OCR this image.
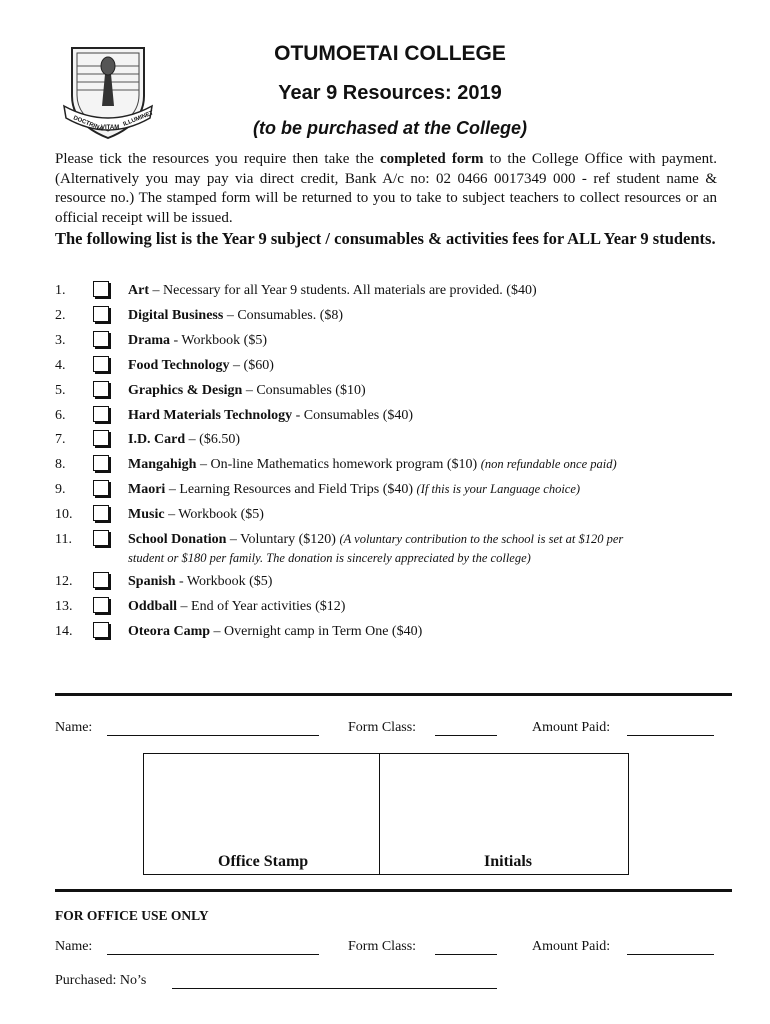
DOCTRINA
VITAM
ILLUMINET
OTUMOETAI COLLEGE
Year 9 Resources: 2019
(to be purchased at the College)
Please tick the resources you require then take the completed form to the College Office with payment. (Alternatively you may pay via direct credit, Bank A/c no: 02 0466 0017349 000 - ref student name & resource no.) The stamped form will be returned to you to take to subject teachers to collect resources or an official receipt will be issued.
The following list is the Year 9 subject / consumables & activities fees for ALL Year 9 students.
1.	Art – Necessary for all Year 9 students. All materials are provided. ($40)
2.	Digital Business – Consumables. ($8)
3.	Drama - Workbook ($5)
4.	Food Technology – ($60)
5.	Graphics & Design – Consumables ($10)
6.	Hard Materials Technology - Consumables ($40)
7.	I.D. Card – ($6.50)
8.	Mangahigh – On-line Mathematics homework program ($10) (non refundable once paid)
9.	Maori – Learning Resources and Field Trips ($40) (If this is your Language choice)
10.	Music – Workbook ($5)
11.	School Donation – Voluntary ($120) (A voluntary contribution to the school is set at $120 per
student or $180 per family. The donation is sincerely appreciated by the college)
12.	Spanish - Workbook ($5)
13.	Oddball – End of Year activities ($12)
14.	Oteora Camp – Overnight camp in Term One ($40)
Name:	Form Class:	Amount Paid:
Office Stamp	Initials
FOR OFFICE USE ONLY
Name:	Form Class:	Amount Paid:
Purchased: No’s
